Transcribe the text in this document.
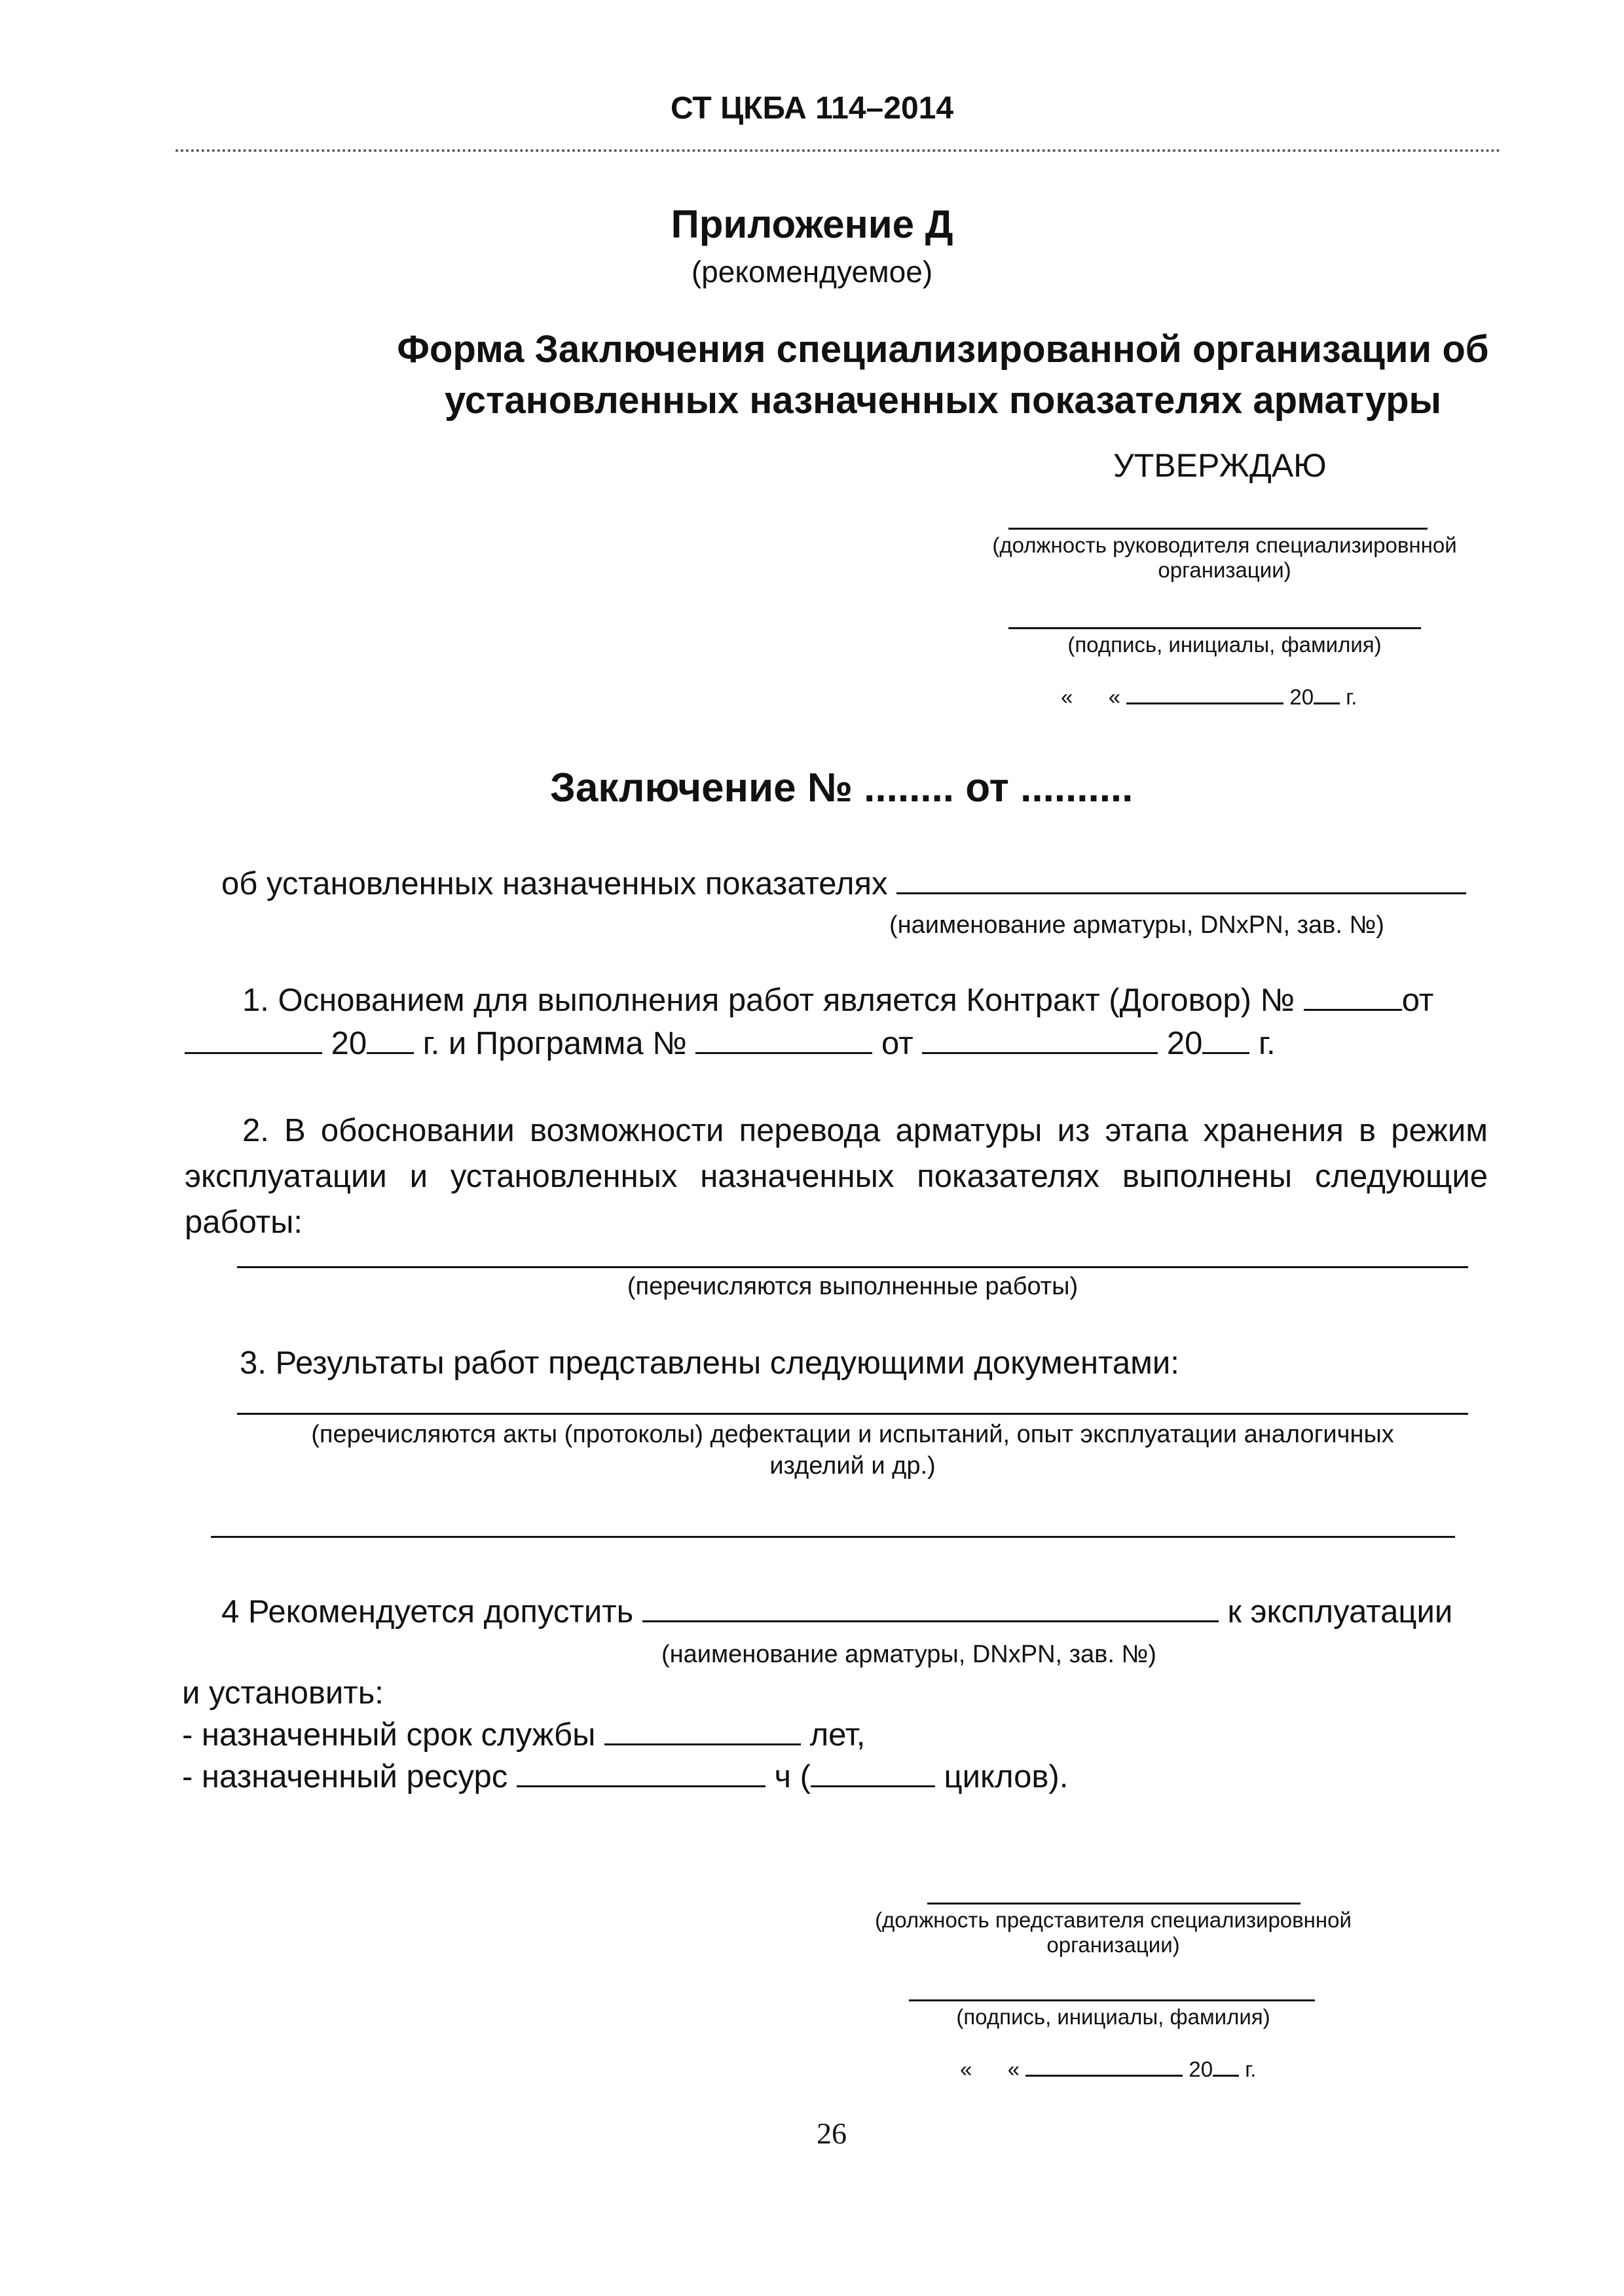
СТ ЦКБА 114–2014
Приложение Д
(рекомендуемое)
Форма Заключения специализированной организации об
установленных назначенных показателях арматуры
УТВЕРЖДАЮ
(должность руководителя специализировнной
организации)
(подпись, инициалы, фамилия)
« «	20 г.
Заключение № ........ от ..........
об установленных назначенных показателях
(наименование арматуры, DNxPN, зав. №)
1. Основанием для выполнения работ является Контракт (Договор) №	от
20 г. и Программа №	от	20 г.
2. В обосновании возможности перевода арматуры из этапа хранения в режим эксплуатации и установленных назначенных показателях выполнены следующие работы:
(перечисляются выполненные работы)
3. Результаты работ представлены следующими документами:
(перечисляются акты (протоколы) дефектации и испытаний, опыт эксплуатации аналогичных
изделий и др.)
4 Рекомендуется допустить	к эксплуатации
(наименование арматуры, DNxPN, зав. №)
и установить:
- назначенный срок службы	лет,
- назначенный ресурс	ч (	циклов).
(должность представителя специализировнной
организации)
(подпись, инициалы, фамилия)
« «	20 г.
26
